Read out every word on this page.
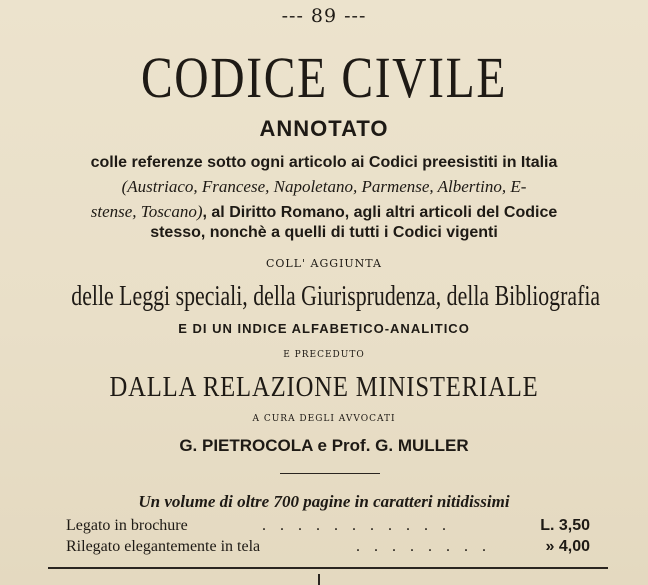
--- 89 ---
CODICE CIVILE
ANNOTATO
colle referenze sotto ogni articolo ai Codici preesistiti in Italia
(Austriaco, Francese, Napoletano, Parmense, Albertino, E-
stense, Toscano), al Diritto Romano, agli altri articoli del Codice
stesso, nonchè a quelli di tutti i Codici vigenti
COLL' AGGIUNTA
delle Leggi speciali, della Giurisprudenza, della Bibliografia
E DI UN INDICE ALFABETICO-ANALITICO
E PRECEDUTO
DALLA RELAZIONE MINISTERIALE
A CURA DEGLI AVVOCATI
G. PIETROCOLA e Prof. G. MULLER
Un volume di oltre 700 pagine in caratteri nitidissimi
Legato in brochure	. . . . . . . . . . .	L. 3,50
Rilegato elegantemente in tela	. . . . . . . .	» 4,00
